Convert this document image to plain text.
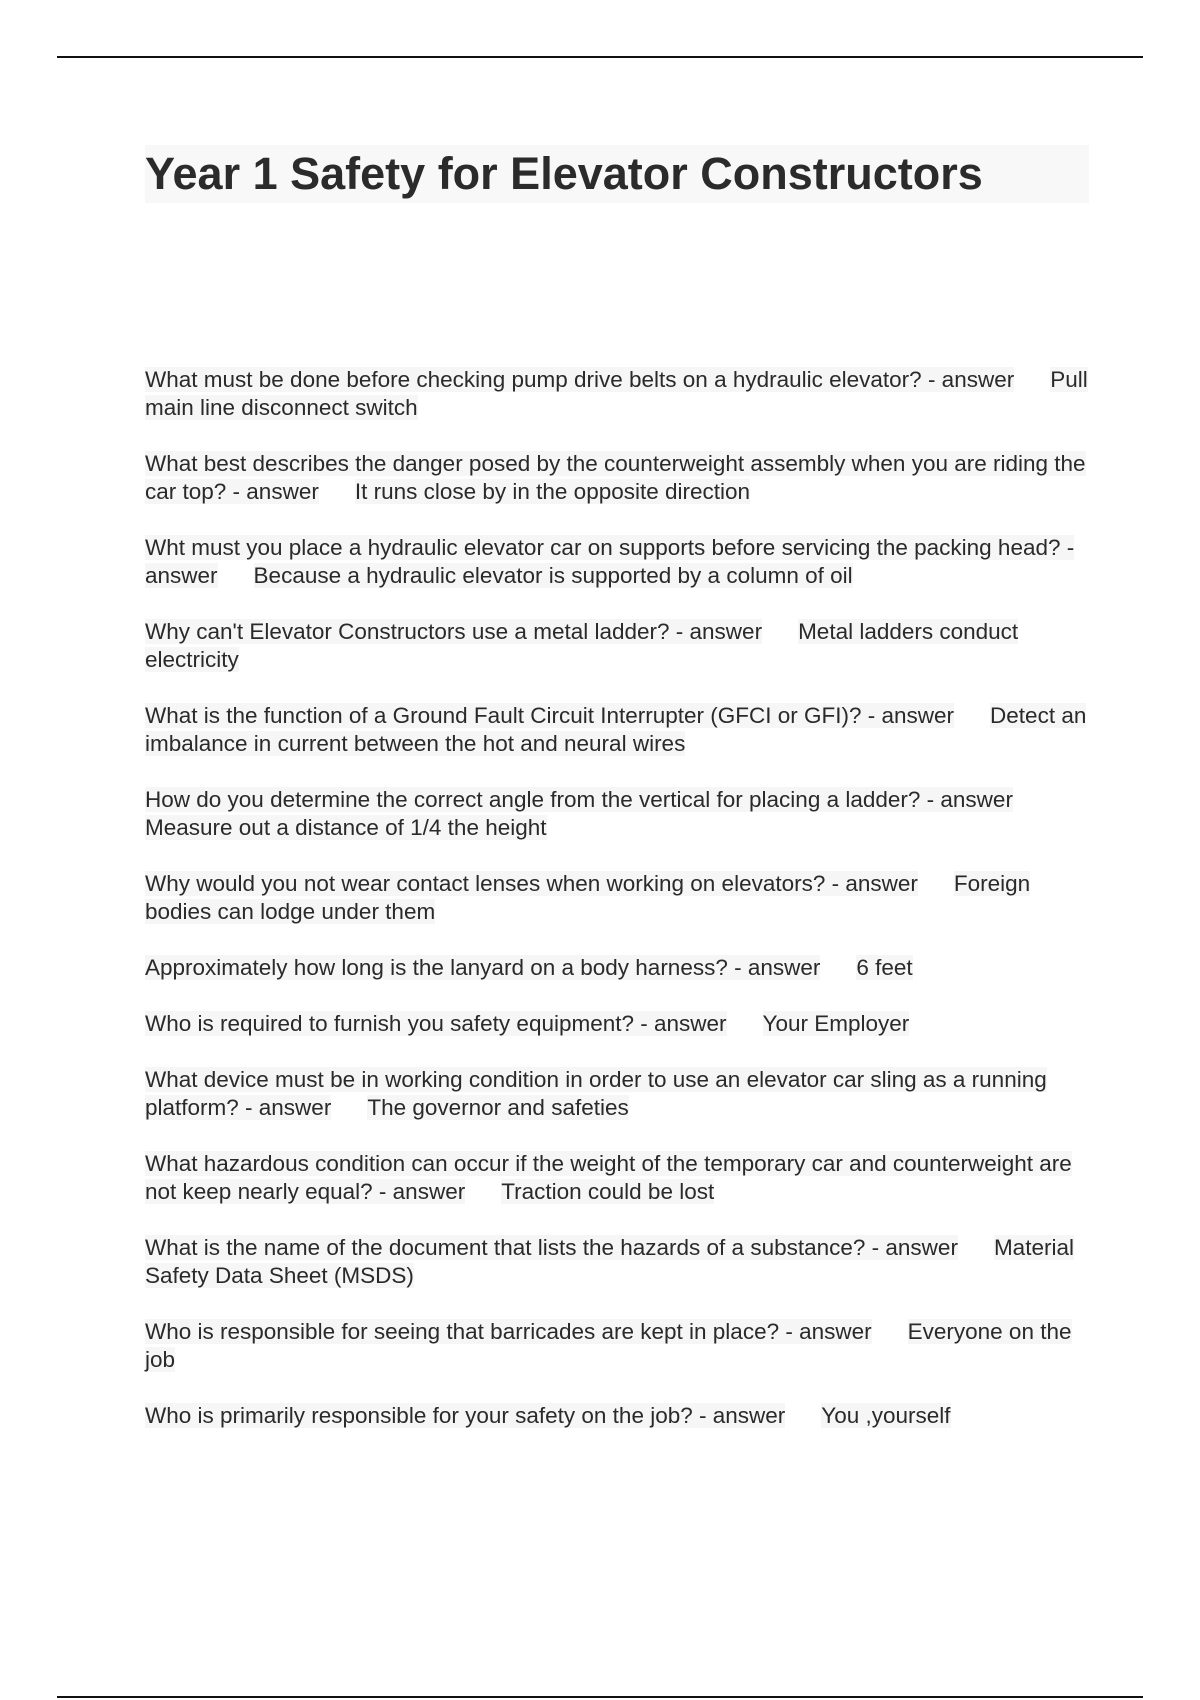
Year 1 Safety for Elevator Constructors
What must be done before checking pump drive belts on a hydraulic elevator? - answer Pull main line disconnect switch
What best describes the danger posed by the counterweight assembly when you are riding the car top? - answer It runs close by in the opposite direction
Wht must you place a hydraulic elevator car on supports before servicing the packing head? - answer Because a hydraulic elevator is supported by a column of oil
Why can't Elevator Constructors use a metal ladder? - answer Metal ladders conduct electricity
What is the function of a Ground Fault Circuit Interrupter (GFCI or GFI)? - answer Detect an imbalance in current between the hot and neural wires
How do you determine the correct angle from the vertical for placing a ladder? - answerMeasure out a distance of 1/4 the height
Why would you not wear contact lenses when working on elevators? - answer Foreign bodies can lodge under them
Approximately how long is the lanyard on a body harness? - answer 6 feet
Who is required to furnish you safety equipment? - answer Your Employer
What device must be in working condition in order to use an elevator car sling as a running platform? - answer The governor and safeties
What hazardous condition can occur if the weight of the temporary car and counterweight are not keep nearly equal? - answer Traction could be lost
What is the name of the document that lists the hazards of a substance? - answer Material Safety Data Sheet (MSDS)
Who is responsible for seeing that barricades are kept in place? - answer Everyone on the job
Who is primarily responsible for your safety on the job? - answer You ,yourself
